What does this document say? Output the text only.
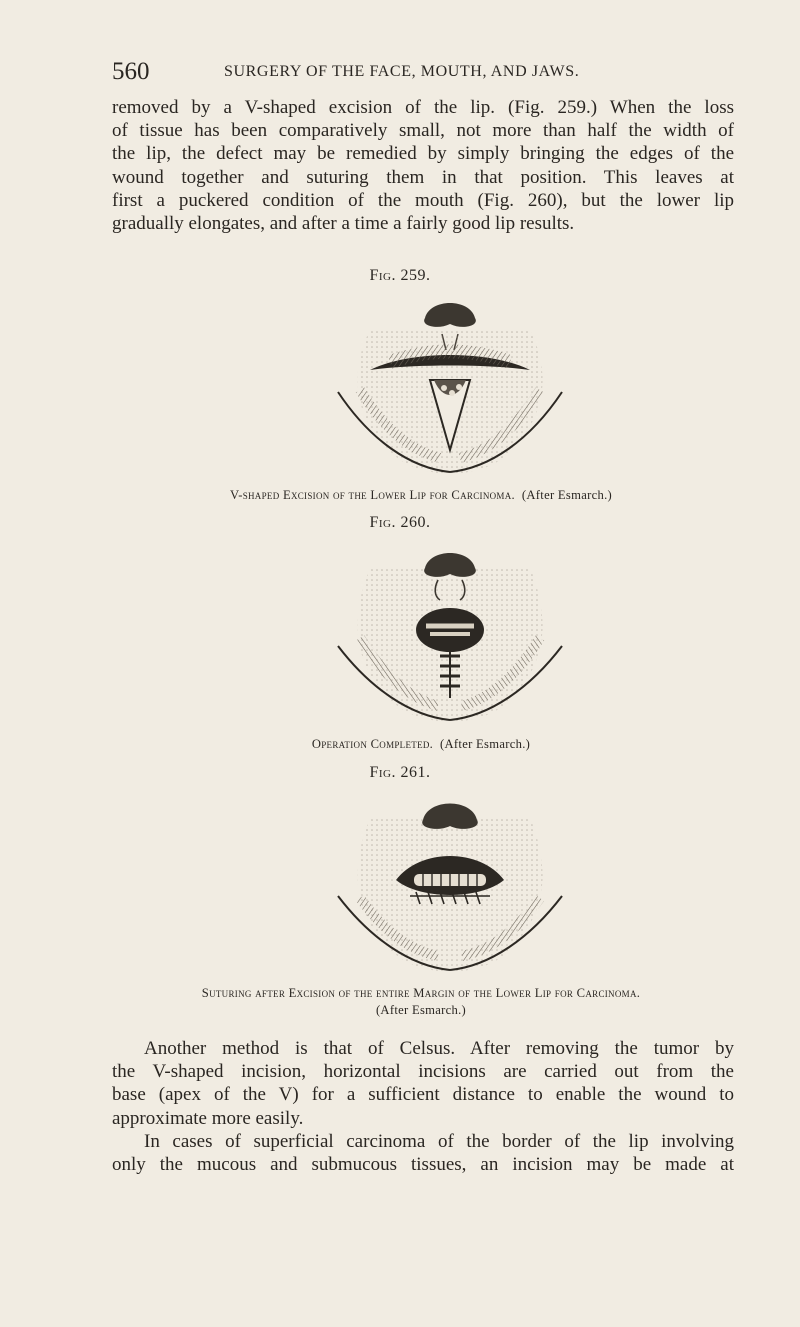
560	SURGERY OF THE FACE, MOUTH, AND JAWS.
removed by a V-shaped excision of the lip. (Fig. 259.) When the loss
of tissue has been comparatively small, not more than half the width of
the lip, the defect may be remedied by simply bringing the edges of the
wound together and suturing them in that position. This leaves at
first a puckered condition of the mouth (Fig. 260), but the lower lip
gradually elongates, and after a time a fairly good lip results.
Fig. 259.
V-shaped Excision of the Lower Lip for Carcinoma. (After Esmarch.)
Fig. 260.
Operation Completed. (After Esmarch.)
Fig. 261.
Suturing after Excision of the entire Margin of the Lower Lip for Carcinoma.
(After Esmarch.)
Another method is that of Celsus. After removing the tumor by
the V-shaped incision, horizontal incisions are carried out from the
base (apex of the V) for a sufficient distance to enable the wound to
approximate more easily.
In cases of superficial carcinoma of the border of the lip involving
only the mucous and submucous tissues, an incision may be made at
